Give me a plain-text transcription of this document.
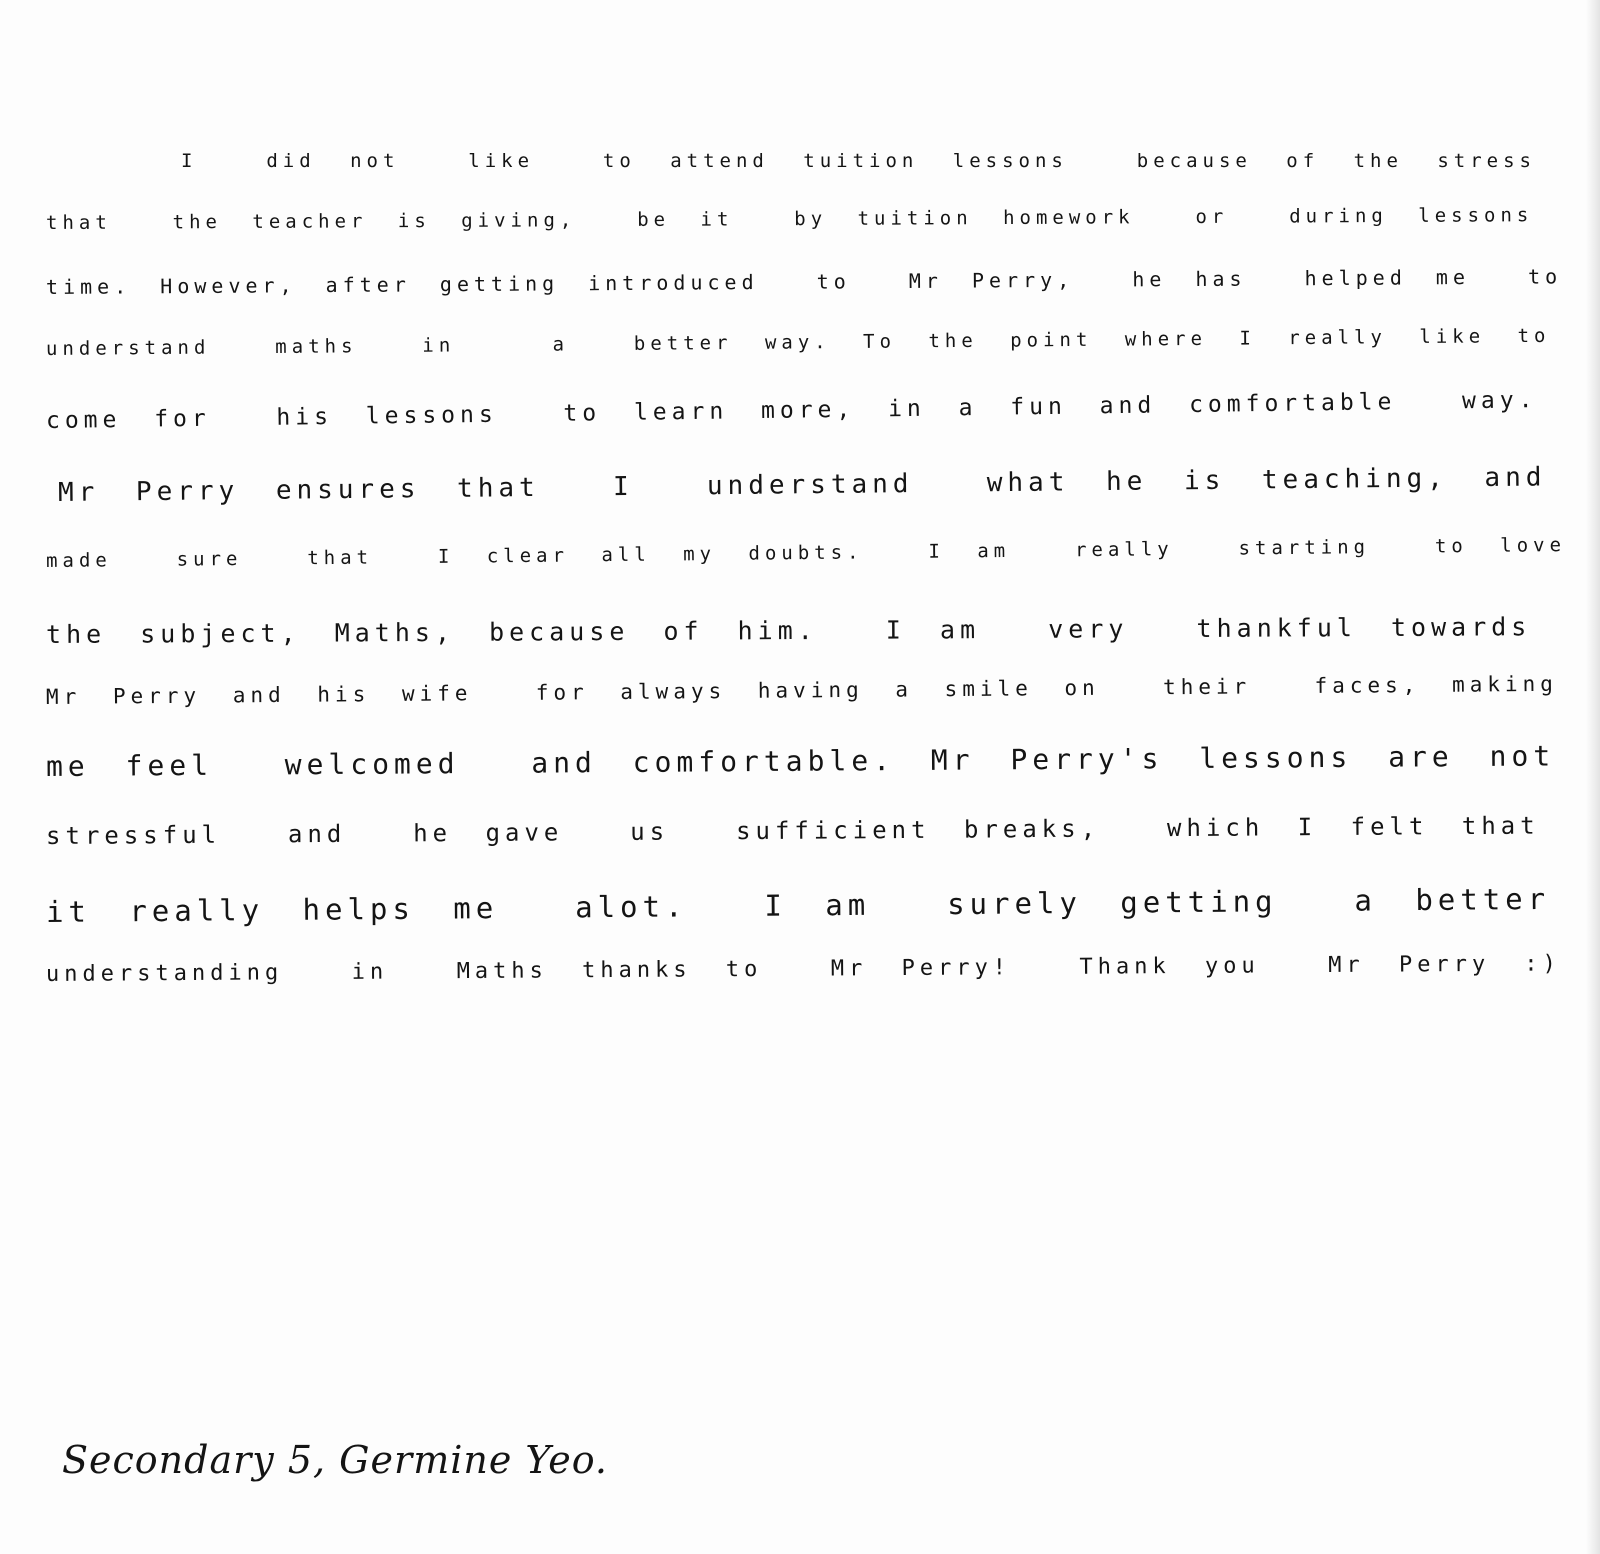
I  did not  like  to attend tuition lessons  because of the stress
that  the teacher is giving,  be it  by tuition homework  or  during lessons
time. However, after getting introduced  to  Mr Perry,  he has  helped me  to
understand  maths  in   a  better way. To the point where I really like to
come for  his lessons  to learn more, in a fun and comfortable  way.
Mr Perry ensures that  I  understand  what he is teaching, and
made  sure  that  I clear all my doubts.  I am  really  starting  to love
the subject, Maths, because of him.  I am  very  thankful towards
Mr Perry and his wife  for always having a smile on  their  faces, making
me feel  welcomed  and comfortable. Mr Perry's lessons are not
stressful  and  he gave  us  sufficient breaks,  which I felt that
it really helps me  alot.  I am  surely getting  a better
understanding  in  Maths thanks to  Mr Perry!  Thank you  Mr Perry :)
Secondary 5, Germine Yeo.
